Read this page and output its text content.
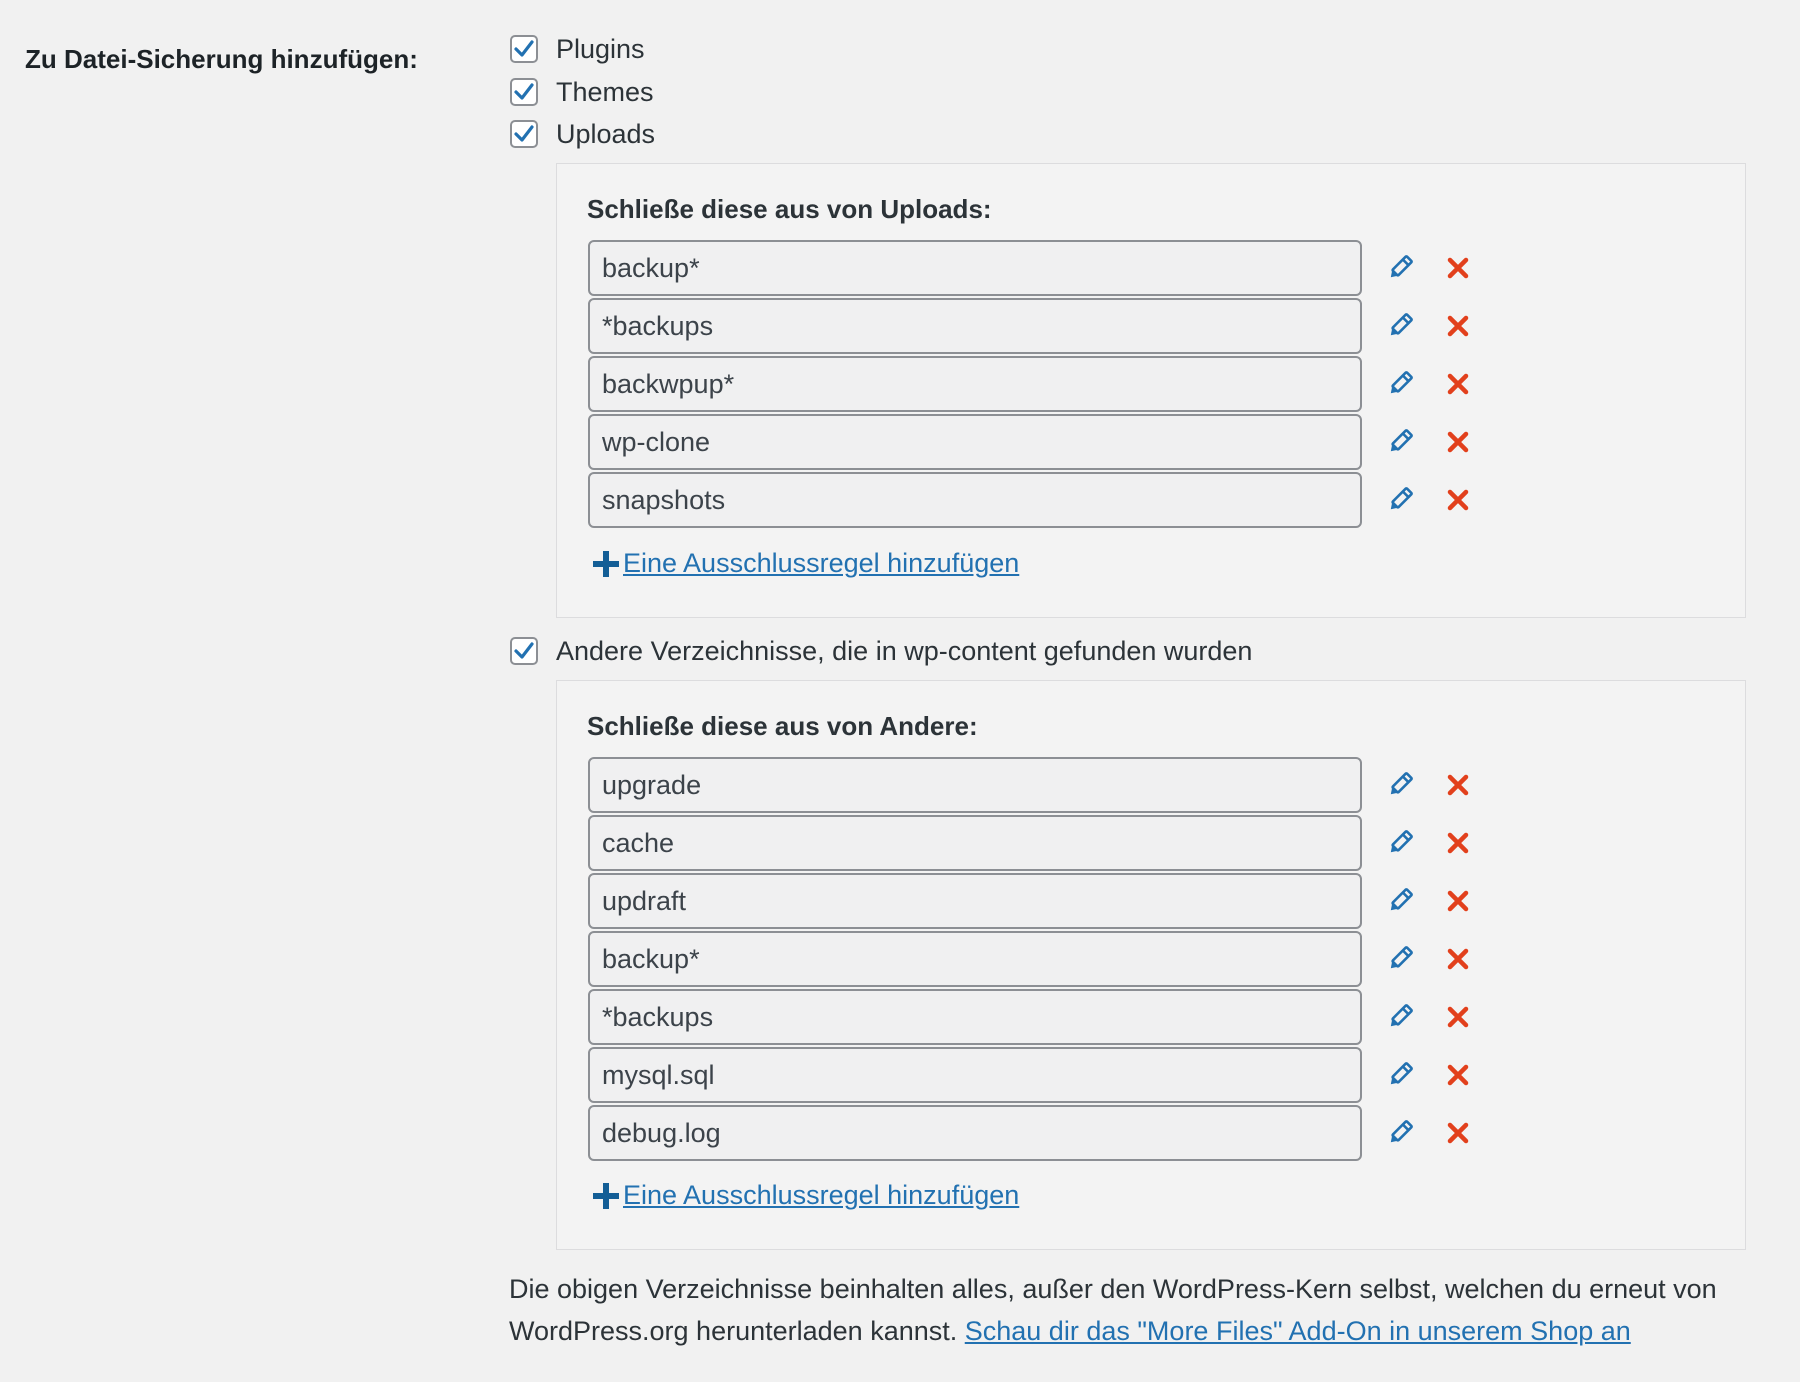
Zu Datei-Sicherung hinzufügen:	Plugins
Themes
Uploads
Schließe diese aus von Uploads:
backup*
*backups
backwpup*
wp-clone
snapshots
Eine Ausschlussregel hinzufügen
Andere Verzeichnisse, die in wp-content gefunden wurden
Schließe diese aus von Andere:
upgrade
cache
updraft
backup*
*backups
mysql.sql
debug.log
Eine Ausschlussregel hinzufügen
Die obigen Verzeichnisse beinhalten alles, außer den WordPress-Kern selbst, welchen du erneut von WordPress.org herunterladen kannst. Schau dir das "More Files" Add-On in unserem Shop an
